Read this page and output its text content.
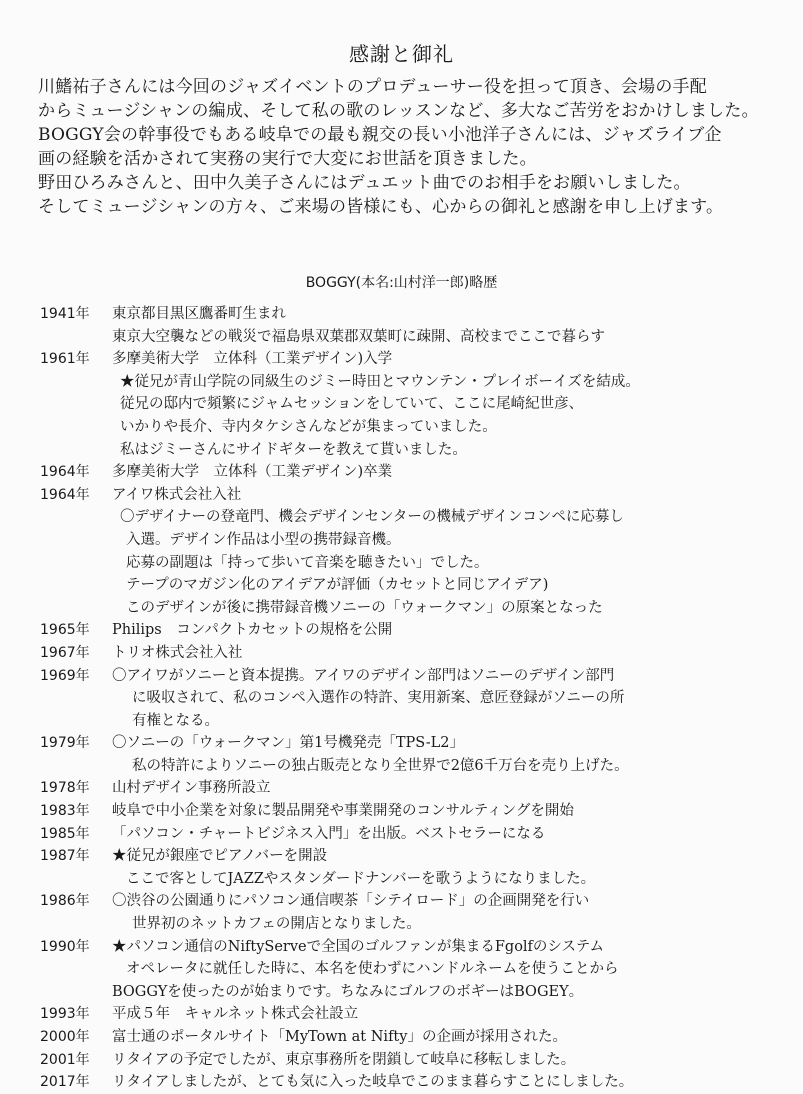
感謝と御礼

川鰭祐子さんには今回のジャズイベントのプロデューサー役を担って頂き、会場の手配

からミュージシャンの編成、そして私の歌のレッスンなど、多大なご苦労をおかけしました。

BOGGY会の幹事役でもある岐阜での最も親交の長い小池洋子さんには、ジャズライブ企

画の経験を活かされて実務の実行で大変にお世話を頂きました。

野田ひろみさんと、田中久美子さんにはデュエット曲でのお相手をお願いしました。

そしてミュージシャンの方々、ご来場の皆様にも、心からの御礼と感謝を申し上げます。

BOGGY(本名:山村洋一郎)略歴
1941年 東京都目黒区鷹番町生まれ
東京大空襲などの戦災で福島県双葉郡双葉町に疎開、高校までここで暮らす
1961年 多摩美術大学　立体科（工業デザイン)入学
★従兄が青山学院の同級生のジミー時田とマウンテン・プレイボーイズを結成。
従兄の邸内で頻繁にジャムセッションをしていて、ここに尾崎紀世彦、
いかりや長介、寺内タケシさんなどが集まっていました。
私はジミーさんにサイドギターを教えて貰いました。
1964年 多摩美術大学　立体科（工業デザイン)卒業
1964年 アイワ株式会社入社
〇デザイナーの登竜門、機会デザインセンターの機械デザインコンペに応募し
入選。デザイン作品は小型の携帯録音機。
応募の副題は「持って歩いて音楽を聴きたい」でした。
テープのマガジン化のアイデアが評価（カセットと同じアイデア)
このデザインが後に携帯録音機ソニーの「ウォークマン」の原案となった
1965年 Philips　コンパクトカセットの規格を公開
1967年 トリオ株式会社入社
1969年 〇アイワがソニーと資本提携。アイワのデザイン部門はソニーのデザイン部門
に吸収されて、私のコンペ入選作の特許、実用新案、意匠登録がソニーの所
有権となる。
1979年 〇ソニーの「ウォークマン」第1号機発売「TPS-L2」
私の特許によりソニーの独占販売となり全世界で2億6千万台を売り上げた。
1978年 山村デザイン事務所設立
1983年 岐阜で中小企業を対象に製品開発や事業開発のコンサルティングを開始
1985年 「パソコン・チャートビジネス入門」を出版。ベストセラーになる
1987年 ★従兄が銀座でピアノバーを開設
ここで客としてJAZZやスタンダードナンバーを歌うようになりました。
1986年 〇渋谷の公園通りにパソコン通信喫茶「シテイロード」の企画開発を行い
世界初のネットカフェの開店となりました。
1990年 ★パソコン通信のNiftyServeで全国のゴルファンが集まるFgolfのシステム
オペレータに就任した時に、本名を使わずにハンドルネームを使うことから
BOGGYを使ったのが始まりです。ちなみにゴルフのボギーはBOGEY。
1993年 平成５年　キャルネット株式会社設立
2000年 富士通のポータルサイト「MyTown at Nifty」の企画が採用された。
2001年 リタイアの予定でしたが、東京事務所を閉鎖して岐阜に移転しました。
2017年 リタイアしましたが、とても気に入った岐阜でこのまま暮らすことにしました。
